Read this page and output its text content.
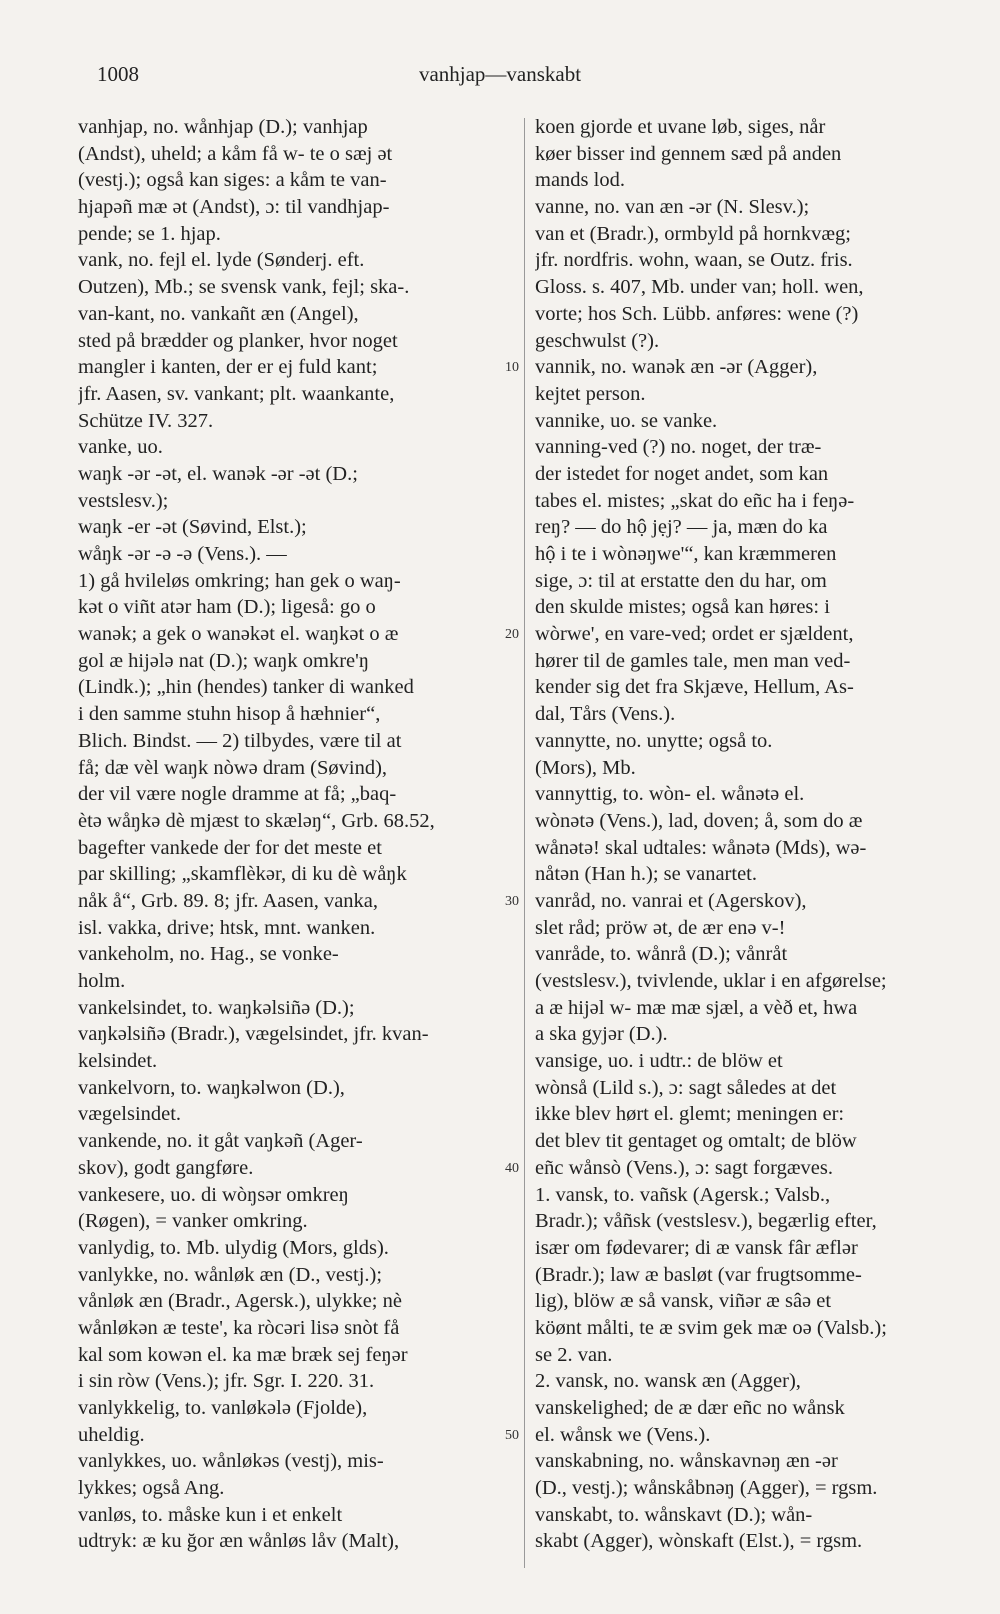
1008	vanhjap—vanskabt
vanhjap, no. wånhjap (D.); vanhjap
(Andst), uheld; a kåm få w- te o sæj ət
(vestj.); også kan siges: a kåm te van-
hjapəñ mæ ət (Andst), ɔ: til vandhjap-
pende; se 1. hjap.
vank, no. fejl el. lyde (Sønderj. eft.
Outzen), Mb.; se svensk vank, fejl; ska-.
van-kant, no. vankañt æn (Angel),
sted på brædder og planker, hvor noget
mangler i kanten, der er ej fuld kant;
jfr. Aasen, sv. vankant; plt. waankante,
Schütze IV. 327.
vanke, uo.
waŋk -ər -ət, el. wanək -ər -ət (D.;
vestslesv.);
waŋk -er -ət (Søvind, Elst.);
wåŋk -ər -ə -ə (Vens.). —
1) gå hvileløs omkring; han gek o waŋ-
kət o viñt atər ham (D.); ligeså: go o
wanək; a gek o wanəkət el. waŋkət o æ
gol æ hijələ nat (D.); waŋk omkre'ŋ
(Lindk.); „hin (hendes) tanker di wanked
i den samme stuhn hisop å hæhnier“,
Blich. Bindst. — 2) tilbydes, være til at
få; dæ vèl waŋk nòwə dram (Søvind),
der vil være nogle dramme at få; „baq-
ètə wåŋkə dè mjæst to skæləŋ“, Grb. 68.52,
bagefter vankede der for det meste et
par skilling; „skamflèkər, di ku dè wåŋk
nåk å“, Grb. 89. 8; jfr. Aasen, vanka,
isl. vakka, drive; htsk, mnt. wanken.
vankeholm, no. Hag., se vonke-
holm.
vankelsindet, to. waŋkəlsiñə (D.);
vaŋkəlsiñə (Bradr.), vægelsindet, jfr. kvan-
kelsindet.
vankelvorn, to. waŋkəlwon (D.),
vægelsindet.
vankende, no. it gåt vaŋkəñ (Ager-
skov), godt gangføre.
vankesere, uo. di wòŋsər omkreŋ
(Røgen), = vanker omkring.
vanlydig, to. Mb. ulydig (Mors, glds).
vanlykke, no. wånløk æn (D., vestj.);
vånløk æn (Bradr., Agersk.), ulykke; nè
wånløkən æ teste', ka ròcəri lisə snòt få
kal som kowən el. ka mæ bræk sej feŋər
i sin ròw (Vens.); jfr. Sgr. I. 220. 31.
vanlykkelig, to. vanløkələ (Fjolde),
uheldig.
vanlykkes, uo. wånløkəs (vestj), mis-
lykkes; også Ang.
vanløs, to. måske kun i et enkelt
udtryk: æ ku ğor æn wånløs låv (Malt),
koen gjorde et uvane løb, siges, når
køer bisser ind gennem sæd på anden
mands lod.
vanne, no. van æn -ər (N. Slesv.);
van et (Bradr.), ormbyld på hornkvæg;
jfr. nordfris. wohn, waan, se Outz. fris.
Gloss. s. 407, Mb. under van; holl. wen,
vorte; hos Sch. Lübb. anføres: wene (?)
geschwulst (?).
vannik, no. wanək æn -ər (Agger),
kejtet person.
vannike, uo. se vanke.
vanning-ved (?) no. noget, der træ-
der istedet for noget andet, som kan
tabes el. mistes; „skat do eñc ha i feŋə-
reŋ? — do hộ jẹj? — ja, mæn do ka
hộ i te i wònəŋwe'“, kan kræmmeren
sige, ɔ: til at erstatte den du har, om
den skulde mistes; også kan høres: i
wòrwe', en vare-ved; ordet er sjældent,
hører til de gamles tale, men man ved-
kender sig det fra Skjæve, Hellum, As-
dal, Tårs (Vens.).
vannytte, no. unytte; også to.
(Mors), Mb.
vannyttig, to. wòn- el. wånətə el.
wònətə (Vens.), lad, doven; å, som do æ
wånətə! skal udtales: wånətə (Mds), wə-
nåtən (Han h.); se vanartet.
vanråd, no. vanrai et (Agerskov),
slet råd; pröw ət, de ær enə v-!
vanråde, to. wånrå (D.); vånråt
(vestslesv.), tvivlende, uklar i en afgørelse;
a æ hijəl w- mæ mæ sjæl, a vèð et, hwa
a ska gyjər (D.).
vansige, uo. i udtr.: de blöw et
wònså (Lild s.), ɔ: sagt således at det
ikke blev hørt el. glemt; meningen er:
det blev tit gentaget og omtalt; de blöw
eñc wånsò (Vens.), ɔ: sagt forgæves.
1. vansk, to. vañsk (Agersk.; Valsb.,
Bradr.); våñsk (vestslesv.), begærlig efter,
især om fødevarer; di æ vansk fâr æflər
(Bradr.); law æ basløt (var frugtsomme-
lig), blöw æ så vansk, viñər æ sâə et
köønt målti, te æ svim gek mæ oə (Valsb.);
se 2. van.
2. vansk, no. wansk æn (Agger),
vanskelighed; de æ dær eñc no wånsk
el. wånsk we (Vens.).
vanskabning, no. wånskavnəŋ æn -ər
(D., vestj.); wånskåbnəŋ (Agger), = rgsm.
vanskabt, to. wånskavt (D.); wån-
skabt (Agger), wònskaft (Elst.), = rgsm.
10
20
30
40
50
